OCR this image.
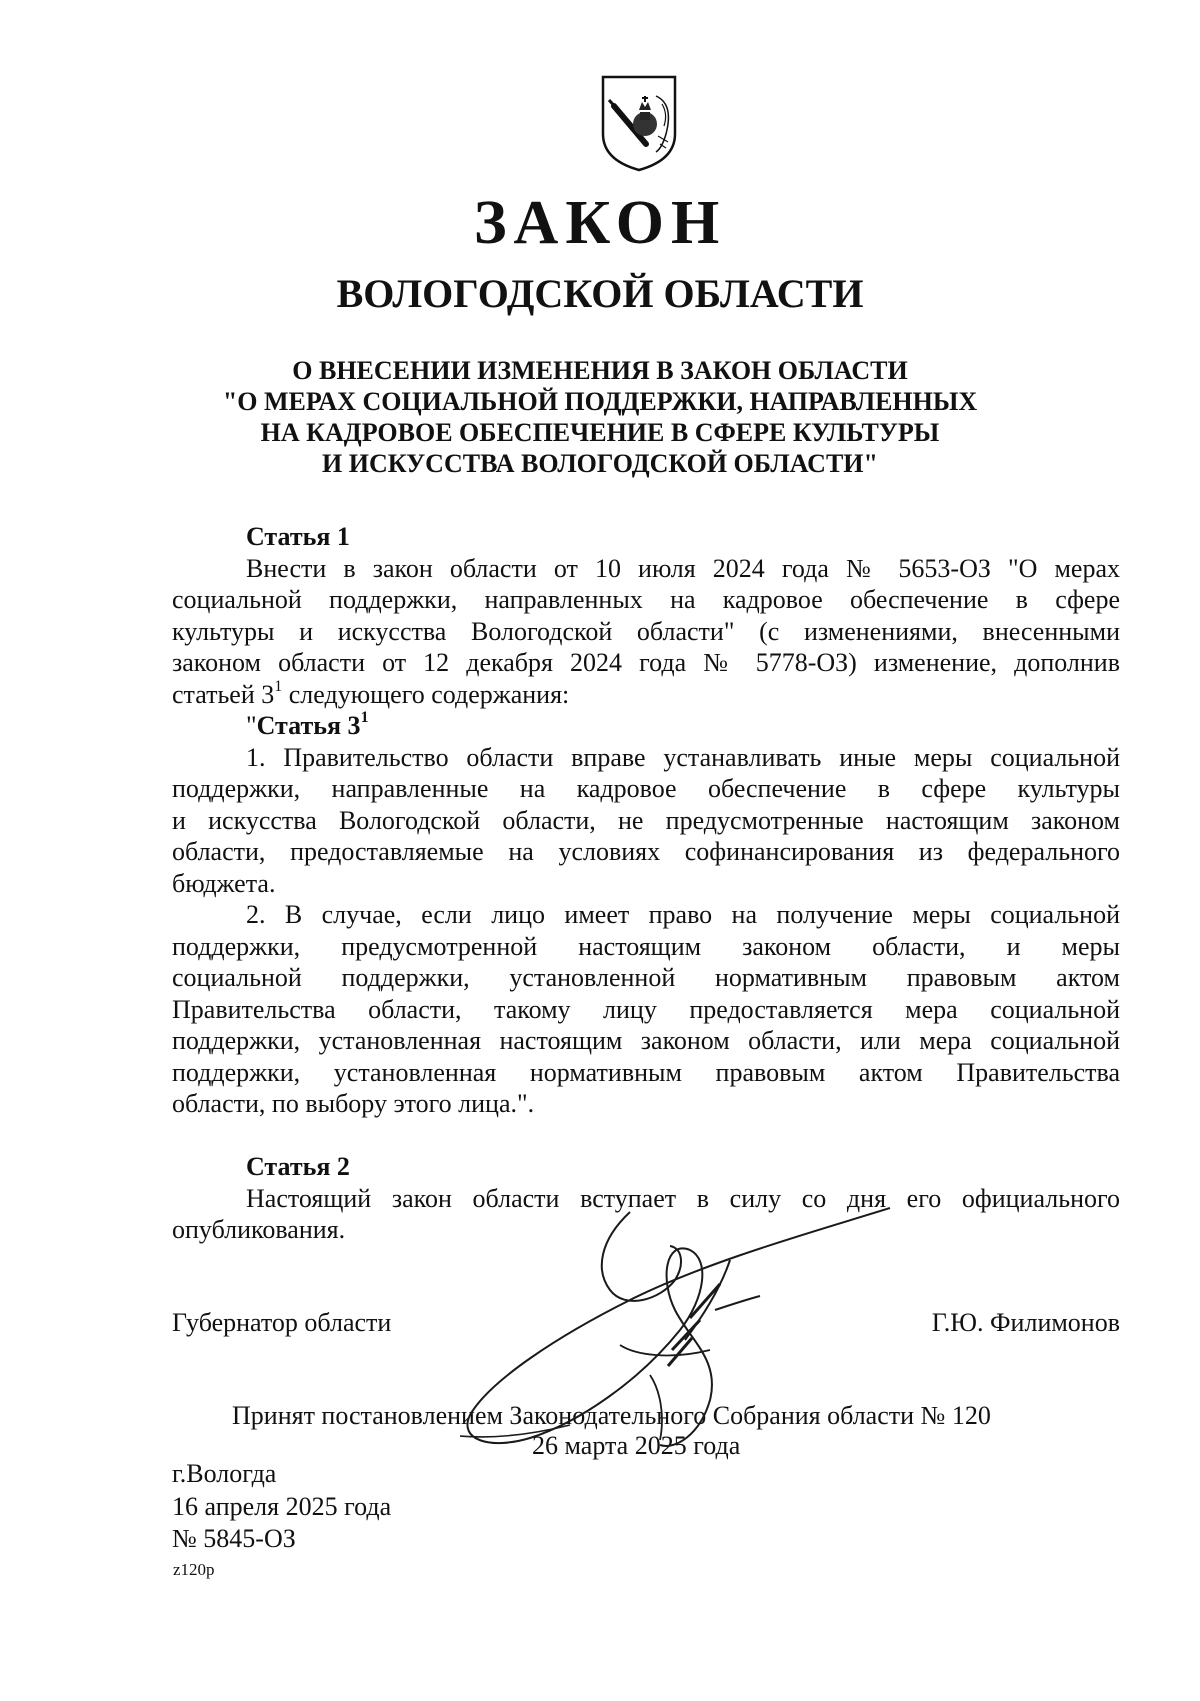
ЗАКОН
ВОЛОГОДСКОЙ ОБЛАСТИ
О ВНЕСЕНИИ ИЗМЕНЕНИЯ В ЗАКОН ОБЛАСТИ
"О МЕРАХ СОЦИАЛЬНОЙ ПОДДЕРЖКИ, НАПРАВЛЕННЫХ
НА КАДРОВОЕ ОБЕСПЕЧЕНИЕ В СФЕРЕ КУЛЬТУРЫ
И ИСКУССТВА ВОЛОГОДСКОЙ ОБЛАСТИ"
Статья 1
Внести в закон области от 10 июля 2024 года № 5653-ОЗ "О мерах
социальной поддержки, направленных на кадровое обеспечение в сфере
культуры и искусства Вологодской области" (с изменениями, внесенными
законом области от 12 декабря 2024 года № 5778-ОЗ) изменение, дополнив
статьей $3^1$ следующего содержания:
"Статья $3^1$
1. Правительство области вправе устанавливать иные меры социальной
поддержки, направленные на кадровое обеспечение в сфере культуры
и искусства Вологодской области, не предусмотренные настоящим законом
области, предоставляемые на условиях софинансирования из федерального
бюджета.
2. В случае, если лицо имеет право на получение меры социальной
поддержки, предусмотренной настоящим законом области, и меры
социальной поддержки, установленной нормативным правовым актом
Правительства области, такому лицу предоставляется мера социальной
поддержки, установленная настоящим законом области, или мера социальной
поддержки, установленная нормативным правовым актом Правительства
области, по выбору этого лица.".
Статья 2
Настоящий закон области вступает в силу со дня его официального
опубликования.
Губернатор области	Г.Ю. Филимонов
Принят постановлением Законодательного Собрания области № 120
26 марта 2025 года
г.Вологда
16 апреля 2025 года
№ 5845-ОЗ
z120p
